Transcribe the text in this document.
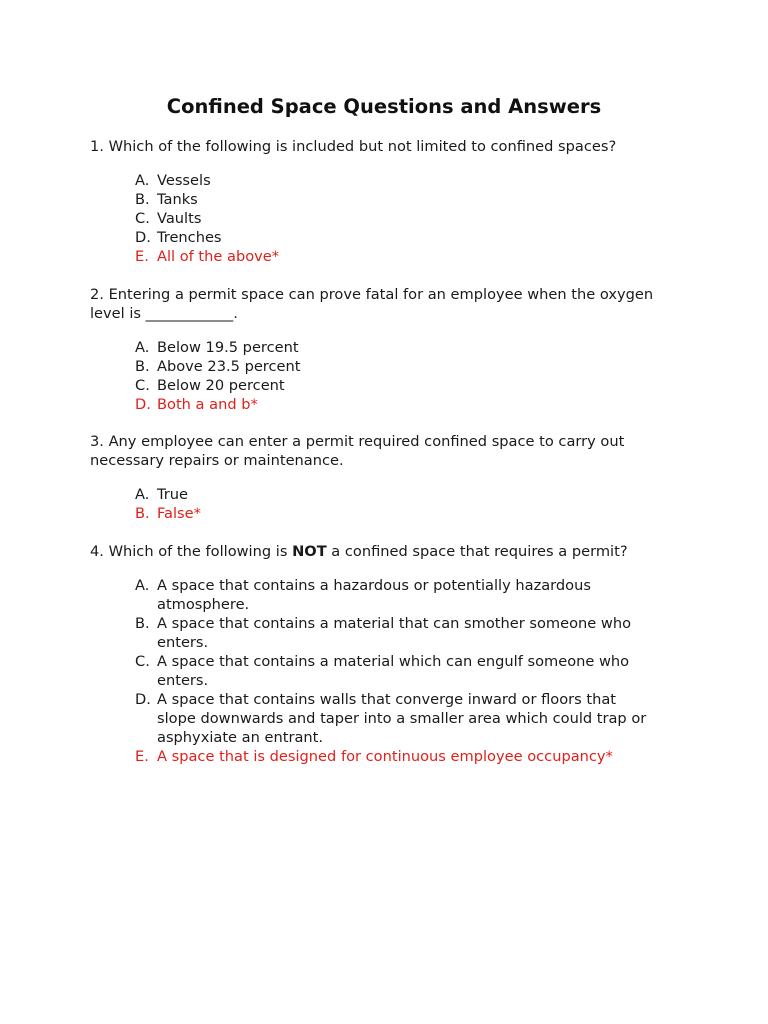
Confined Space Questions and Answers
1. Which of the following is included but not limited to confined spaces?
A. Vessels
B. Tanks
C. Vaults
D. Trenches
E. All of the above*
2. Entering a permit space can prove fatal for an employee when the oxygen level is ____________.
A. Below 19.5 percent
B. Above 23.5 percent
C. Below 20 percent
D. Both a and b*
3. Any employee can enter a permit required confined space to carry out necessary repairs or maintenance.
A. True
B. False*
4. Which of the following is NOT a confined space that requires a permit?
A. A space that contains a hazardous or potentially hazardous atmosphere.
B. A space that contains a material that can smother someone who enters.
C. A space that contains a material which can engulf someone who enters.
D. A space that contains walls that converge inward or floors that slope downwards and taper into a smaller area which could trap or asphyxiate an entrant.
E. A space that is designed for continuous employee occupancy*
